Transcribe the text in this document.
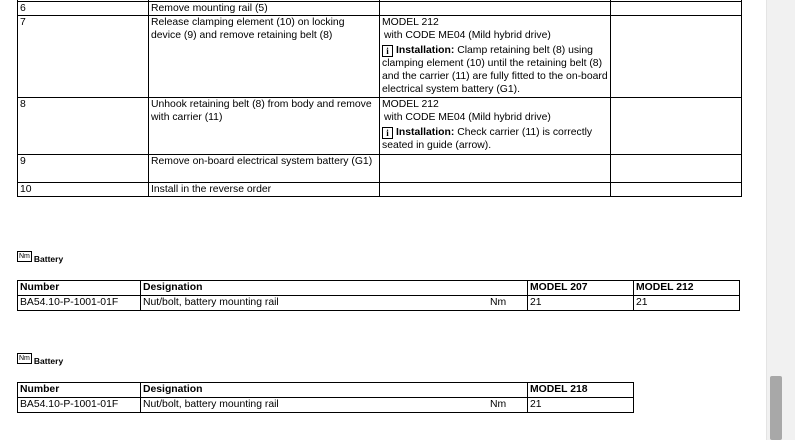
6	Remove mounting rail (5)		
7	Release clamping element (10) on locking device (9) and remove retaining belt (8)	MODEL 212
with CODE ME04 (Mild hybrid drive)
i Installation: Clamp retaining belt (8) using clamping element (10) until the retaining belt (8) and the carrier (11) are fully fitted to the on-board electrical system battery (G1).	

8	Unhook retaining belt (8) from body and remove with carrier (11)	MODEL 212
with CODE ME04 (Mild hybrid drive)
i Installation: Check carrier (11) is correctly seated in guide (arrow).	

9	Remove on-board electrical system battery (G1)		
10	Install in the reverse order		
Nm Battery
Number	Designation		MODEL 207	MODEL 212
BA54.10-P-1001-01F	Nut/bolt, battery mounting rail	Nm	21	21
Nm Battery
Number	Designation		MODEL 218
BA54.10-P-1001-01F	Nut/bolt, battery mounting rail	Nm	21
